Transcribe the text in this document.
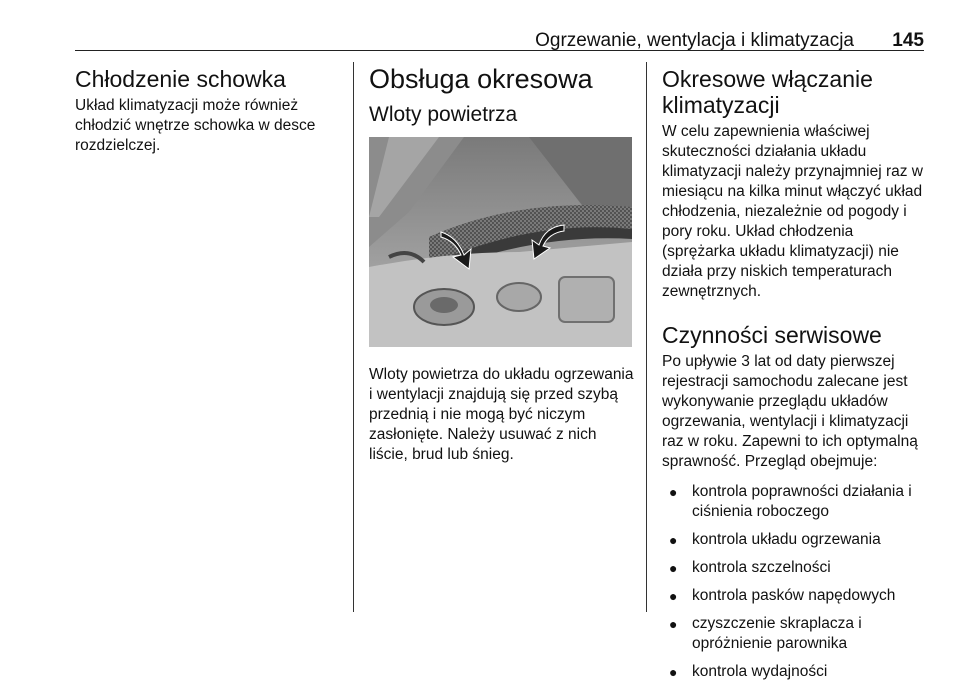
Ogrzewanie, wentylacja i klimatyzacja 145
Chłodzenie schowka

Układ klimatyzacji może również chłodzić wnętrze schowka w desce rozdzielczej.

Obsługa okresowa
Wloty powietrza

Wloty powietrza do układu ogrzewania i wentylacji znajdują się przed szybą przednią i nie mogą być niczym zasłonięte. Należy usuwać z nich liście, brud lub śnieg.

Okresowe włączanie klimatyzacji

W celu zapewnienia właściwej skuteczności działania układu klimatyzacji należy przynajmniej raz w miesiącu na kilka minut włączyć układ chłodzenia, niezależnie od pogody i pory roku. Układ chłodzenia (sprężarka układu klimatyzacji) nie działa przy niskich temperaturach zewnętrznych.

Czynności serwisowe

Po upływie 3 lat od daty pierwszej rejestracji samochodu zalecane jest wykonywanie przeglądu układów ogrzewania, wentylacji i klimatyzacji raz w roku. Zapewni to ich optymalną sprawność. Przegląd obejmuje:

● kontrola poprawności działania i ciśnienia roboczego
● kontrola układu ogrzewania
● kontrola szczelności
● kontrola pasków napędowych
● czyszczenie skraplacza i opróżnienie parownika
● kontrola wydajności
